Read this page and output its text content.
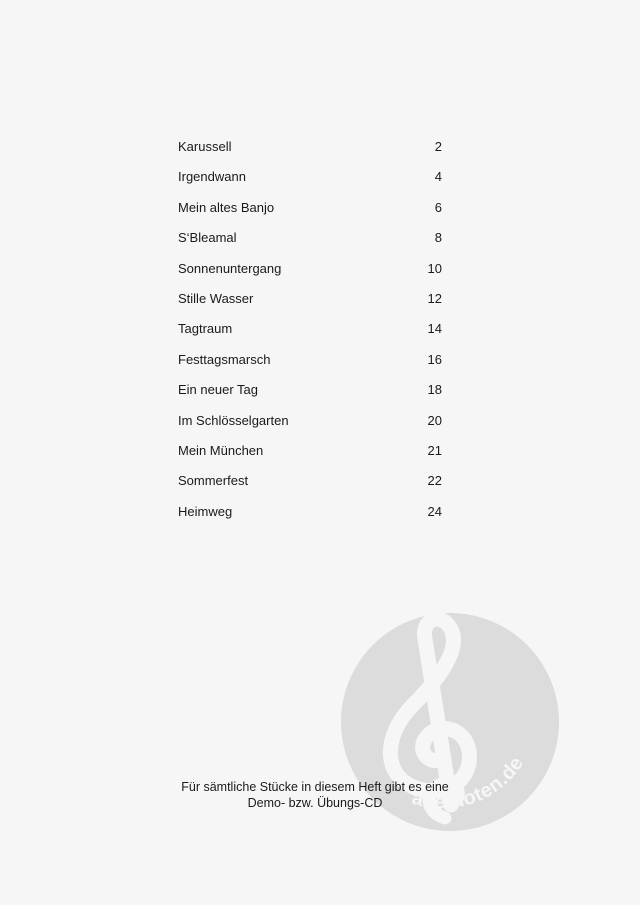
Karussell	2
Irgendwann	4
Mein altes Banjo	6
S‘Bleamal	8
Sonnenuntergang	10
Stille Wasser	12
Tagtraum	14
Festtagsmarsch	16
Ein neuer Tag	18
Im Schlösselgarten	20
Mein München	21
Sommerfest	22
Heimweg	24
alle-noten.de
Für sämtliche Stücke in diesem Heft gibt es eine
Demo- bzw. Übungs-CD
